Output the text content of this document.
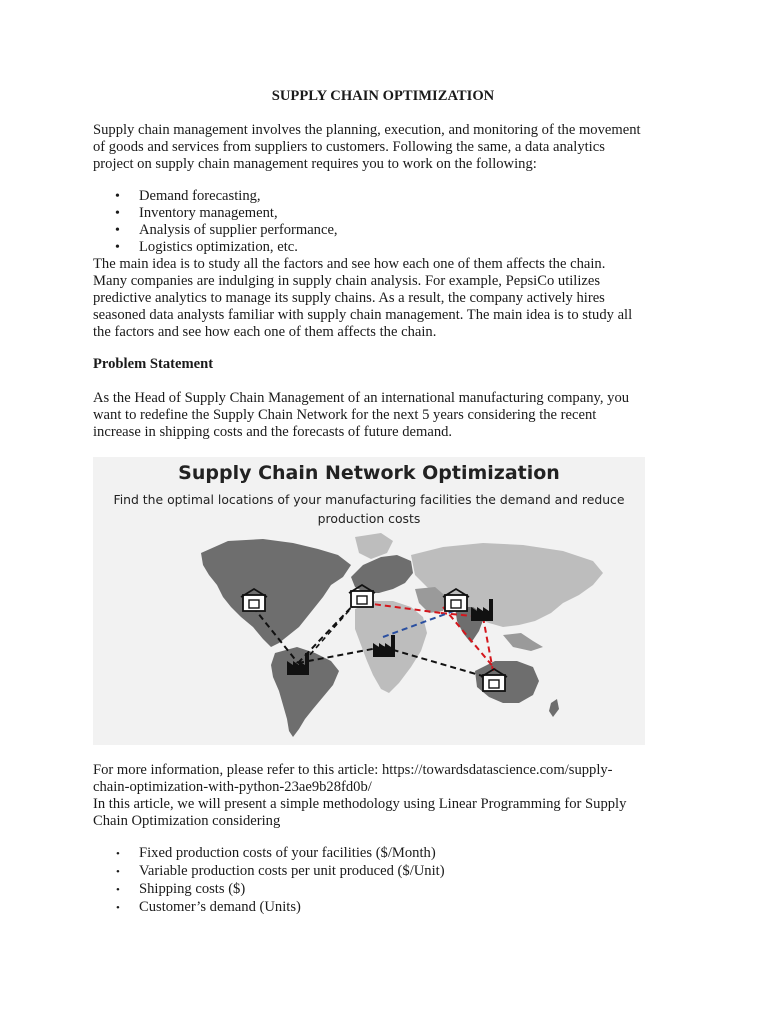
SUPPLY CHAIN OPTIMIZATION

Supply chain management involves the planning, execution, and monitoring of the movement
of goods and services from suppliers to customers. Following the same, a data analytics
project on supply chain management requires you to work on the following:

• Demand forecasting,
• Inventory management,
• Analysis of supplier performance,
• Logistics optimization, etc.

The main idea is to study all the factors and see how each one of them affects the chain.
Many companies are indulging in supply chain analysis. For example, PepsiCo utilizes
predictive analytics to manage its supply chains. As a result, the company actively hires
seasoned data analysts familiar with supply chain management. The main idea is to study all
the factors and see how each one of them affects the chain.

Problem Statement

As the Head of Supply Chain Management of an international manufacturing company, you
want to redefine the Supply Chain Network for the next 5 years considering the recent
increase in shipping costs and the forecasts of future demand.

Supply Chain Network Optimization
Find the optimal locations of your manufacturing facilities the demand and reduce
production costs

For more information, please refer to this article: https://towardsdatascience.com/supply-
chain-optimization-with-python-23ae9b28fd0b/
In this article, we will present a simple methodology using Linear Programming for Supply
Chain Optimization considering

• Fixed production costs of your facilities ($/Month)
• Variable production costs per unit produced ($/Unit)
• Shipping costs ($)
• Customer’s demand (Units)
